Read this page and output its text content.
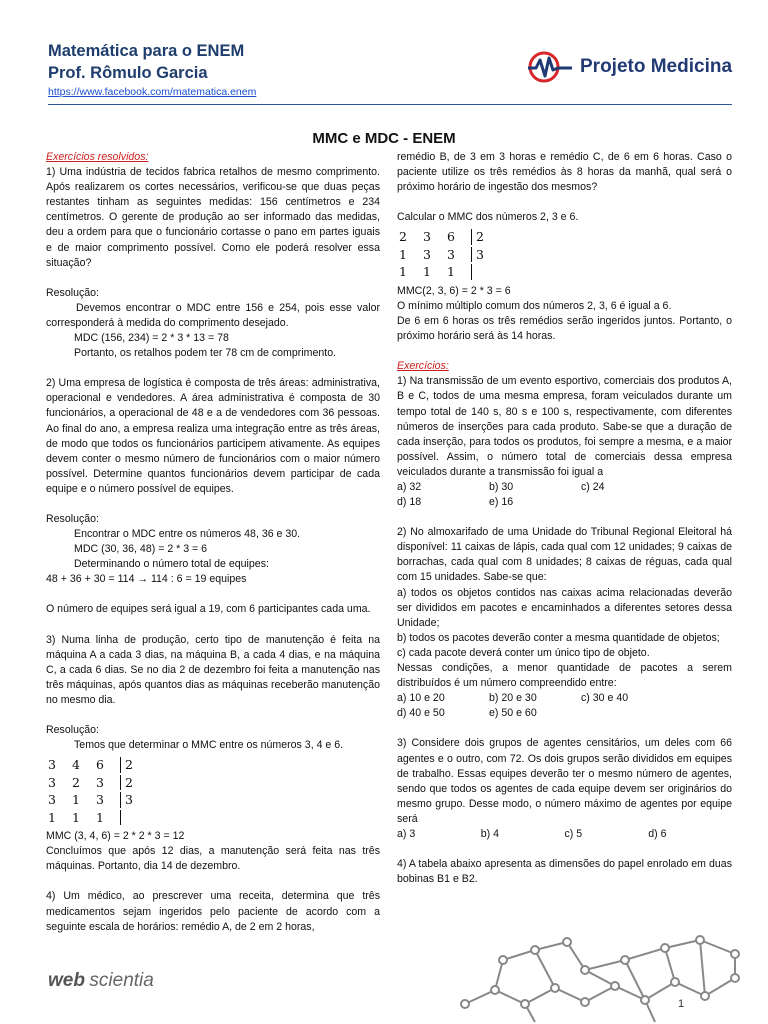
Matemática para o ENEM
Prof. Rômulo Garcia
https://www.facebook.com/matematica.enem
Projeto Medicina
MMC e MDC - ENEM
Exercícios resolvidos:
1) Uma indústria de tecidos fabrica retalhos de mesmo comprimento. Após realizarem os cortes necessários, verificou-se que duas peças restantes tinham as seguintes medidas: 156 centímetros e 234 centímetros. O gerente de produção ao ser informado das medidas, deu a ordem para que o funcionário cortasse o pano em partes iguais e de maior comprimento possível. Como ele poderá resolver essa situação?
Resolução:
Devemos encontrar o MDC entre 156 e 254, pois esse valor corresponderá à medida do comprimento desejado.
MDC (156, 234) = 2 * 3 * 13 = 78
Portanto, os retalhos podem ter 78 cm de comprimento.
2) Uma empresa de logística é composta de três áreas: administrativa, operacional e vendedores. A área administrativa é composta de 30 funcionários, a operacional de 48 e a de vendedores com 36 pessoas. Ao final do ano, a empresa realiza uma integração entre as três áreas, de modo que todos os funcionários participem ativamente. As equipes devem conter o mesmo número de funcionários com o maior número possível. Determine quantos funcionários devem participar de cada equipe e o número possível de equipes.
Resolução:
Encontrar o MDC entre os números 48, 36 e 30.
MDC (30, 36, 48) = 2 * 3 = 6
Determinando o número total de equipes:
48 + 36 + 30 = 114 → 114 : 6 = 19 equipes
O número de equipes será igual a 19, com 6 participantes cada uma.
3) Numa linha de produção, certo tipo de manutenção é feita na máquina A a cada 3 dias, na máquina B, a cada 4 dias, e na máquina C, a cada 6 dias. Se no dia 2 de dezembro foi feita a manutenção nas três máquinas, após quantos dias as máquinas receberão manutenção no mesmo dia.
Resolução:
Temos que determinar o MMC entre os números 3, 4 e 6.
3	4	6	2
3	2	3	2
3	1	3	3
1	1	1	
MMC (3, 4, 6) = 2 * 2 * 3 = 12
Concluímos que após 12 dias, a manutenção será feita nas três máquinas. Portanto, dia 14 de dezembro.
4) Um médico, ao prescrever uma receita, determina que três medicamentos sejam ingeridos pelo paciente de acordo com a seguinte escala de horários: remédio A, de 2 em 2 horas,
remédio B, de 3 em 3 horas e remédio C, de 6 em 6 horas. Caso o paciente utilize os três remédios às 8 horas da manhã, qual será o próximo horário de ingestão dos mesmos?
Calcular o MMC dos números 2, 3 e 6.
2	3	6	2
1	3	3	3
1	1	1	
MMC(2, 3, 6) = 2 * 3 = 6
O mínimo múltiplo comum dos números 2, 3, 6 é igual a 6.
De 6 em 6 horas os três remédios serão ingeridos juntos. Portanto, o próximo horário será às 14 horas.
Exercícios:
1) Na transmissão de um evento esportivo, comerciais dos produtos A, B e C, todos de uma mesma empresa, foram veiculados durante um tempo total de 140 s, 80 s e 100 s, respectivamente, com diferentes números de inserções para cada produto. Sabe-se que a duração de cada inserção, para todos os produtos, foi sempre a mesma, e a maior possível. Assim, o número total de comerciais dessa empresa veiculados durante a transmissão foi igual a
a) 32	b) 30	c) 24
d) 18	e) 16
2) No almoxarifado de uma Unidade do Tribunal Regional Eleitoral há disponível: 11 caixas de lápis, cada qual com 12 unidades; 9 caixas de borrachas, cada qual com 8 unidades; 8 caixas de réguas, cada qual com 15 unidades. Sabe-se que:
a) todos os objetos contidos nas caixas acima relacionadas deverão ser divididos em pacotes e encaminhados a diferentes setores dessa Unidade;
b) todos os pacotes deverão conter a mesma quantidade de objetos;
c) cada pacote deverá conter um único tipo de objeto.
Nessas condições, a menor quantidade de pacotes a serem distribuídos é um número compreendido entre:
a) 10 e 20	b) 20 e 30	c) 30 e 40
d) 40 e 50	e) 50 e 60
3) Considere dois grupos de agentes censitários, um deles com 66 agentes e o outro, com 72. Os dois grupos serão divididos em equipes de trabalho. Essas equipes deverão ter o mesmo número de agentes, sendo que todos os agentes de cada equipe devem ser originários do mesmo grupo. Desse modo, o número máximo de agentes por equipe será
a) 3	b) 4	c) 5	d) 6
4) A tabela abaixo apresenta as dimensões do papel enrolado em duas bobinas B1 e B2.
web scientia
1
